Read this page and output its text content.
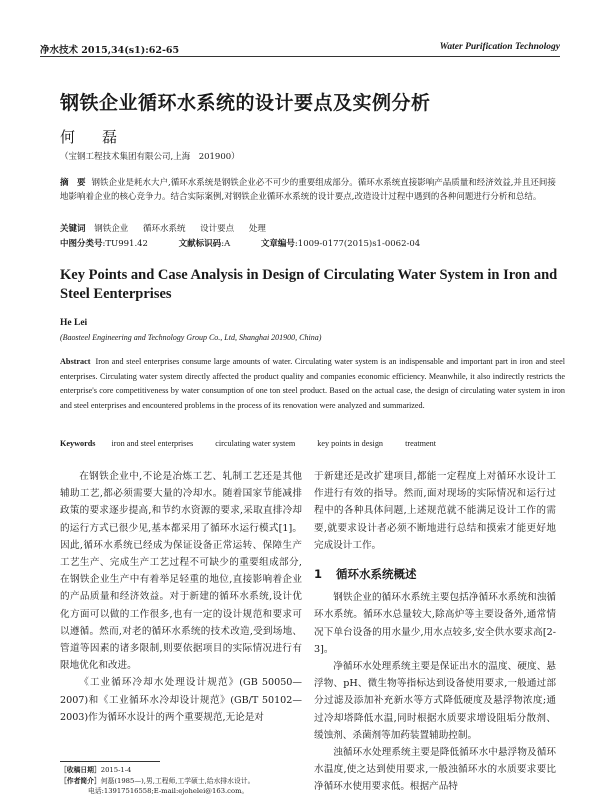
净水技术 2015,34(s1):62-65	Water Purification Technology
钢铁企业循环水系统的设计要点及实例分析
何　磊
（宝钢工程技术集团有限公司,上海　201900）
摘　要 钢铁企业是耗水大户,循环水系统是钢铁企业必不可少的重要组成部分。循环水系统直接影响产品质量和经济效益,并且还间接地影响着企业的核心竞争力。结合实际案例,对钢铁企业循环水系统的设计要点,改造设计过程中遇到的各种问题进行分析和总结。
关键词 钢铁企业 循环水系统 设计要点 处理
中图分类号:TU991.42	文献标识码:A	文章编号:1009-0177(2015)s1-0062-04
Key Points and Case Analysis in Design of Circulating Water System in Iron and Steel Eenterprises
He Lei
(Baosteel Engineering and Technology Group Co., Ltd, Shanghai 201900, China)
Abstract Iron and steel enterprises consume large amounts of water. Circulating water system is an indispensable and important part in iron and steel enterprises. Circulating water system directly affected the product quality and companies economic efficiency. Meanwhile, it also indirectly restricts the enterprise's core competitiveness by water consumption of one ton steel product. Based on the actual case, the design of circulating water system in iron and steel enterprises and encountered problems in the process of its renovation were analyzed and summarized.
Keywords iron and steel enterprises	circulating water system	key points in design	treatment

在钢铁企业中,不论是冶炼工艺、轧制工艺还是其他辅助工艺,都必须需要大量的冷却水。随着国家节能减排政策的要求逐步提高,和节约水资源的要求,采取直排冷却的运行方式已很少见,基本都采用了循环水运行模式[1]。因此,循环水系统已经成为保证设备正常运转、保障生产工艺生产、完成生产工艺过程不可缺少的重要组成部分,在钢铁企业生产中有着举足轻重的地位,直接影响着企业的产品质量和经济效益。对于新建的循环水系统,设计优化方面可以做的工作很多,也有一定的设计规范和要求可以遵循。然而,对老的循环水系统的技术改造,受到场地、管道等因素的诸多限制,则要依据项目的实际情况进行有限地优化和改进。

《工业循环冷却水处理设计规范》(GB 50050—2007)和《工业循环水冷却设计规范》(GB/T 50102—2003)作为循环水设计的两个重要规范,无论是对

于新建还是改扩建项目,都能一定程度上对循环水设计工作进行有效的指导。然而,面对现场的实际情况和运行过程中的各种具体问题,上述规范就不能满足设计工作的需要,就要求设计者必须不断地进行总结和摸索才能更好地完成设计工作。

1 循环水系统概述

钢铁企业的循环水系统主要包括净循环水系统和浊循环水系统。循环水总量较大,除高炉等主要设备外,通常情况下单台设备的用水量少,用水点较多,安全供水要求高[2-3]。

净循环水处理系统主要是保证出水的温度、硬度、悬浮物、pH、微生物等指标达到设备使用要求,一般通过部分过滤及添加补充新水等方式降低硬度及悬浮物浓度;通过冷却塔降低水温,同时根据水质要求增设阻垢分散剂、缓蚀剂、杀菌剂等加药装置辅助控制。

浊循环水处理系统主要是降低循环水中悬浮物及循环水温度,使之达到使用要求,一般浊循环水的水质要求要比净循环水使用要求低。根据产品特

［收稿日期］2015-1-4
［作者简介］何磊(1985—),男,工程师,工学硕士,给水排水设计。
电话:13917516558;E-mail:ejohelei@163.com。
